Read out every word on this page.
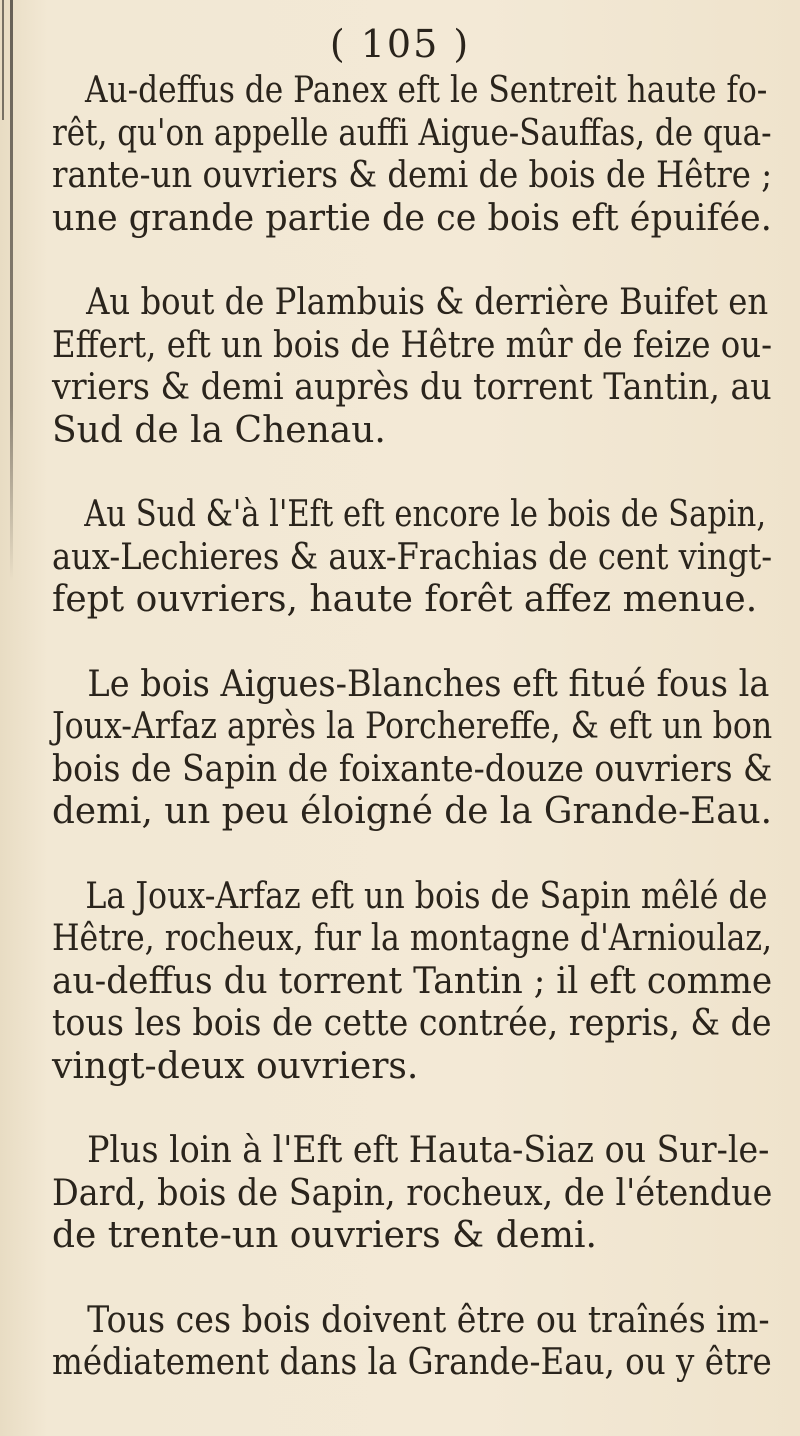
( 105 )
Au-deffus de Panex eft le Sentreit haute fo-
rêt, qu'on appelle auffi Aigue-Sauffas, de qua-
rante-un ouvriers & demi de bois de Hêtre ;
une grande partie de ce bois eft épuifée.
Au bout de Plambuis & derrière Buifet en
Effert, eft un bois de Hêtre mûr de feize ou-
vriers & demi auprès du torrent Tantin, au
Sud de la Chenau.
Au Sud &'à l'Eft eft encore le bois de Sapin,
aux-Lechieres & aux-Frachias de cent vingt-
fept ouvriers, haute forêt affez menue.
Le bois Aigues-Blanches eft fitué fous la
Joux-Arfaz après la Porchereffe, & eft un bon
bois de Sapin de foixante-douze ouvriers &
demi, un peu éloigné de la Grande-Eau.
La Joux-Arfaz eft un bois de Sapin mêlé de
Hêtre, rocheux, fur la montagne d'Arnioulaz,
au-deffus du torrent Tantin ; il eft comme
tous les bois de cette contrée, repris, & de
vingt-deux ouvriers.
Plus loin à l'Eft eft Hauta-Siaz ou Sur-le-
Dard, bois de Sapin, rocheux, de l'étendue
de trente-un ouvriers & demi.
Tous ces bois doivent être ou traînés im-
médiatement dans la Grande-Eau, ou y être
